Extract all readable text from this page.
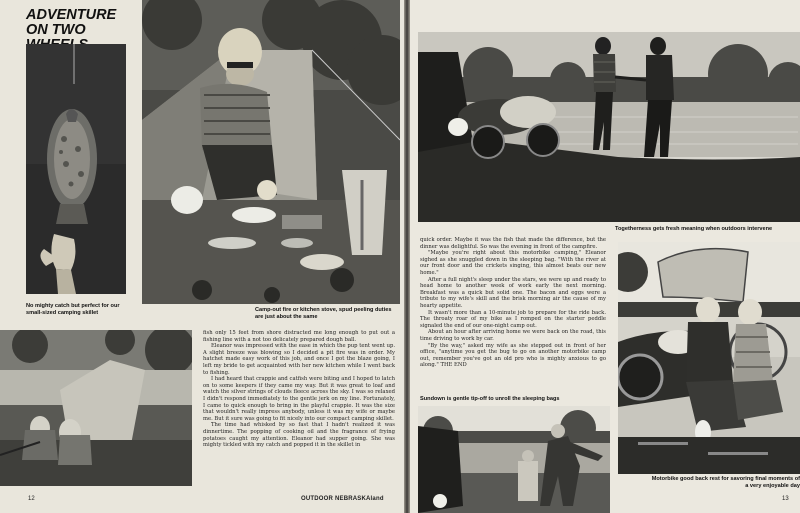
ADVENTURE ON TWO
No mighty catch but perfect for our small-sized camping skillet	Camp-out fire or kitchen stove, spud peeling duties are just about the same

fish only 15 feet from shore distracted me long enough to put out a fishing line with a not too delicately prepared dough ball.

Eleanor was impressed with the ease in which the pup tent went up. A slight breeze was blowing so I decided a pit fire was in order. My hatchet made easy work of this job, and once I got the blaze going, I left my bride to get acquainted with her new kitchen while I went back to fishing.

I had heard that crappie and catfish were biting and I hoped to latch on to some keepers if they came my way. But it was great to loaf and watch the silver strings of clouds fleece across the sky. I was so relaxed I didn't respond immediately to the gentle jerk on my line. Fortunately, I came to quick enough to bring in the playful crappie. It was the size that wouldn't really impress anybody, unless it was my wife or maybe me. But it sure was going to fit nicely into our compact camping skillet.

The time had whisked by so fast that I hadn't realized it was dinnertime. The popping of cooking oil and the fragrance of frying potatoes caught my attention. Eleanor had supper going. She was mighty tickled with my catch and popped it in the skillet in

12	OUTDOOR NEBRASKAland
Togetherness gets fresh meaning when outdoors intervene

quick order. Maybe it was the fish that made the difference, but the dinner was delightful. So was the evening in front of the campfire.

"Maybe you're right about this motorbike camping," Eleanor sighed as she snuggled down in the sleeping bag. "With the river at our front door and the crickets singing, this almost beats our new home."

After a full night's sleep under the stars, we were up and ready to head home to another week of work early the next morning. Breakfast was a quick but solid one. The bacon and eggs were a tribute to my wife's skill and the brisk morning air the cause of my hearty appetite.

It wasn't more than a 10-minute job to prepare for the ride back. The throaty roar of my bike as I romped on the starter peddle signaled the end of our one-night camp out.

About an hour after arriving home we were back on the road, this time driving to work by car.

"By the way," asked my wife as she stepped out in front of her office, "anytime you get the bug to go on another motorbike camp out, remember you've got an old pro who is mighty anxious to go along." THE END

Sundown is gentle tip-off to unroll the sleeping bags
Motorbike good back rest for savoring final moments of a very enjoyable day
13
